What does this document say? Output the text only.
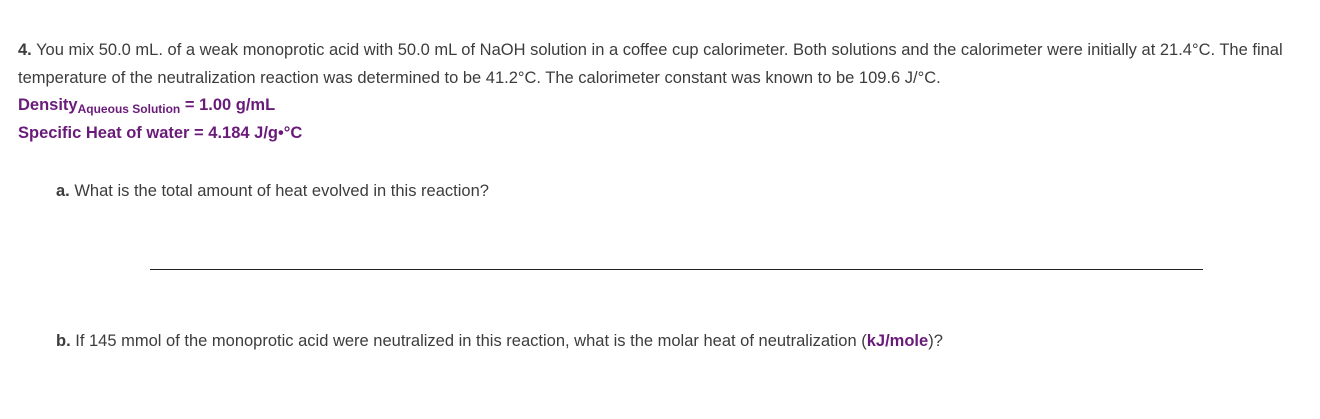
4. You mix 50.0 mL. of a weak monoprotic acid with 50.0 mL of NaOH solution in a coffee cup calorimeter. Both solutions and the calorimeter were initially at 21.4°C. The final temperature of the neutralization reaction was determined to be 41.2°C. The calorimeter constant was known to be 109.6 J/°C.
DensityAqueous Solution = 1.00 g/mL
Specific Heat of water = 4.184 J/g•°C
a. What is the total amount of heat evolved in this reaction?
b. If 145 mmol of the monoprotic acid were neutralized in this reaction, what is the molar heat of neutralization (kJ/mole)?
